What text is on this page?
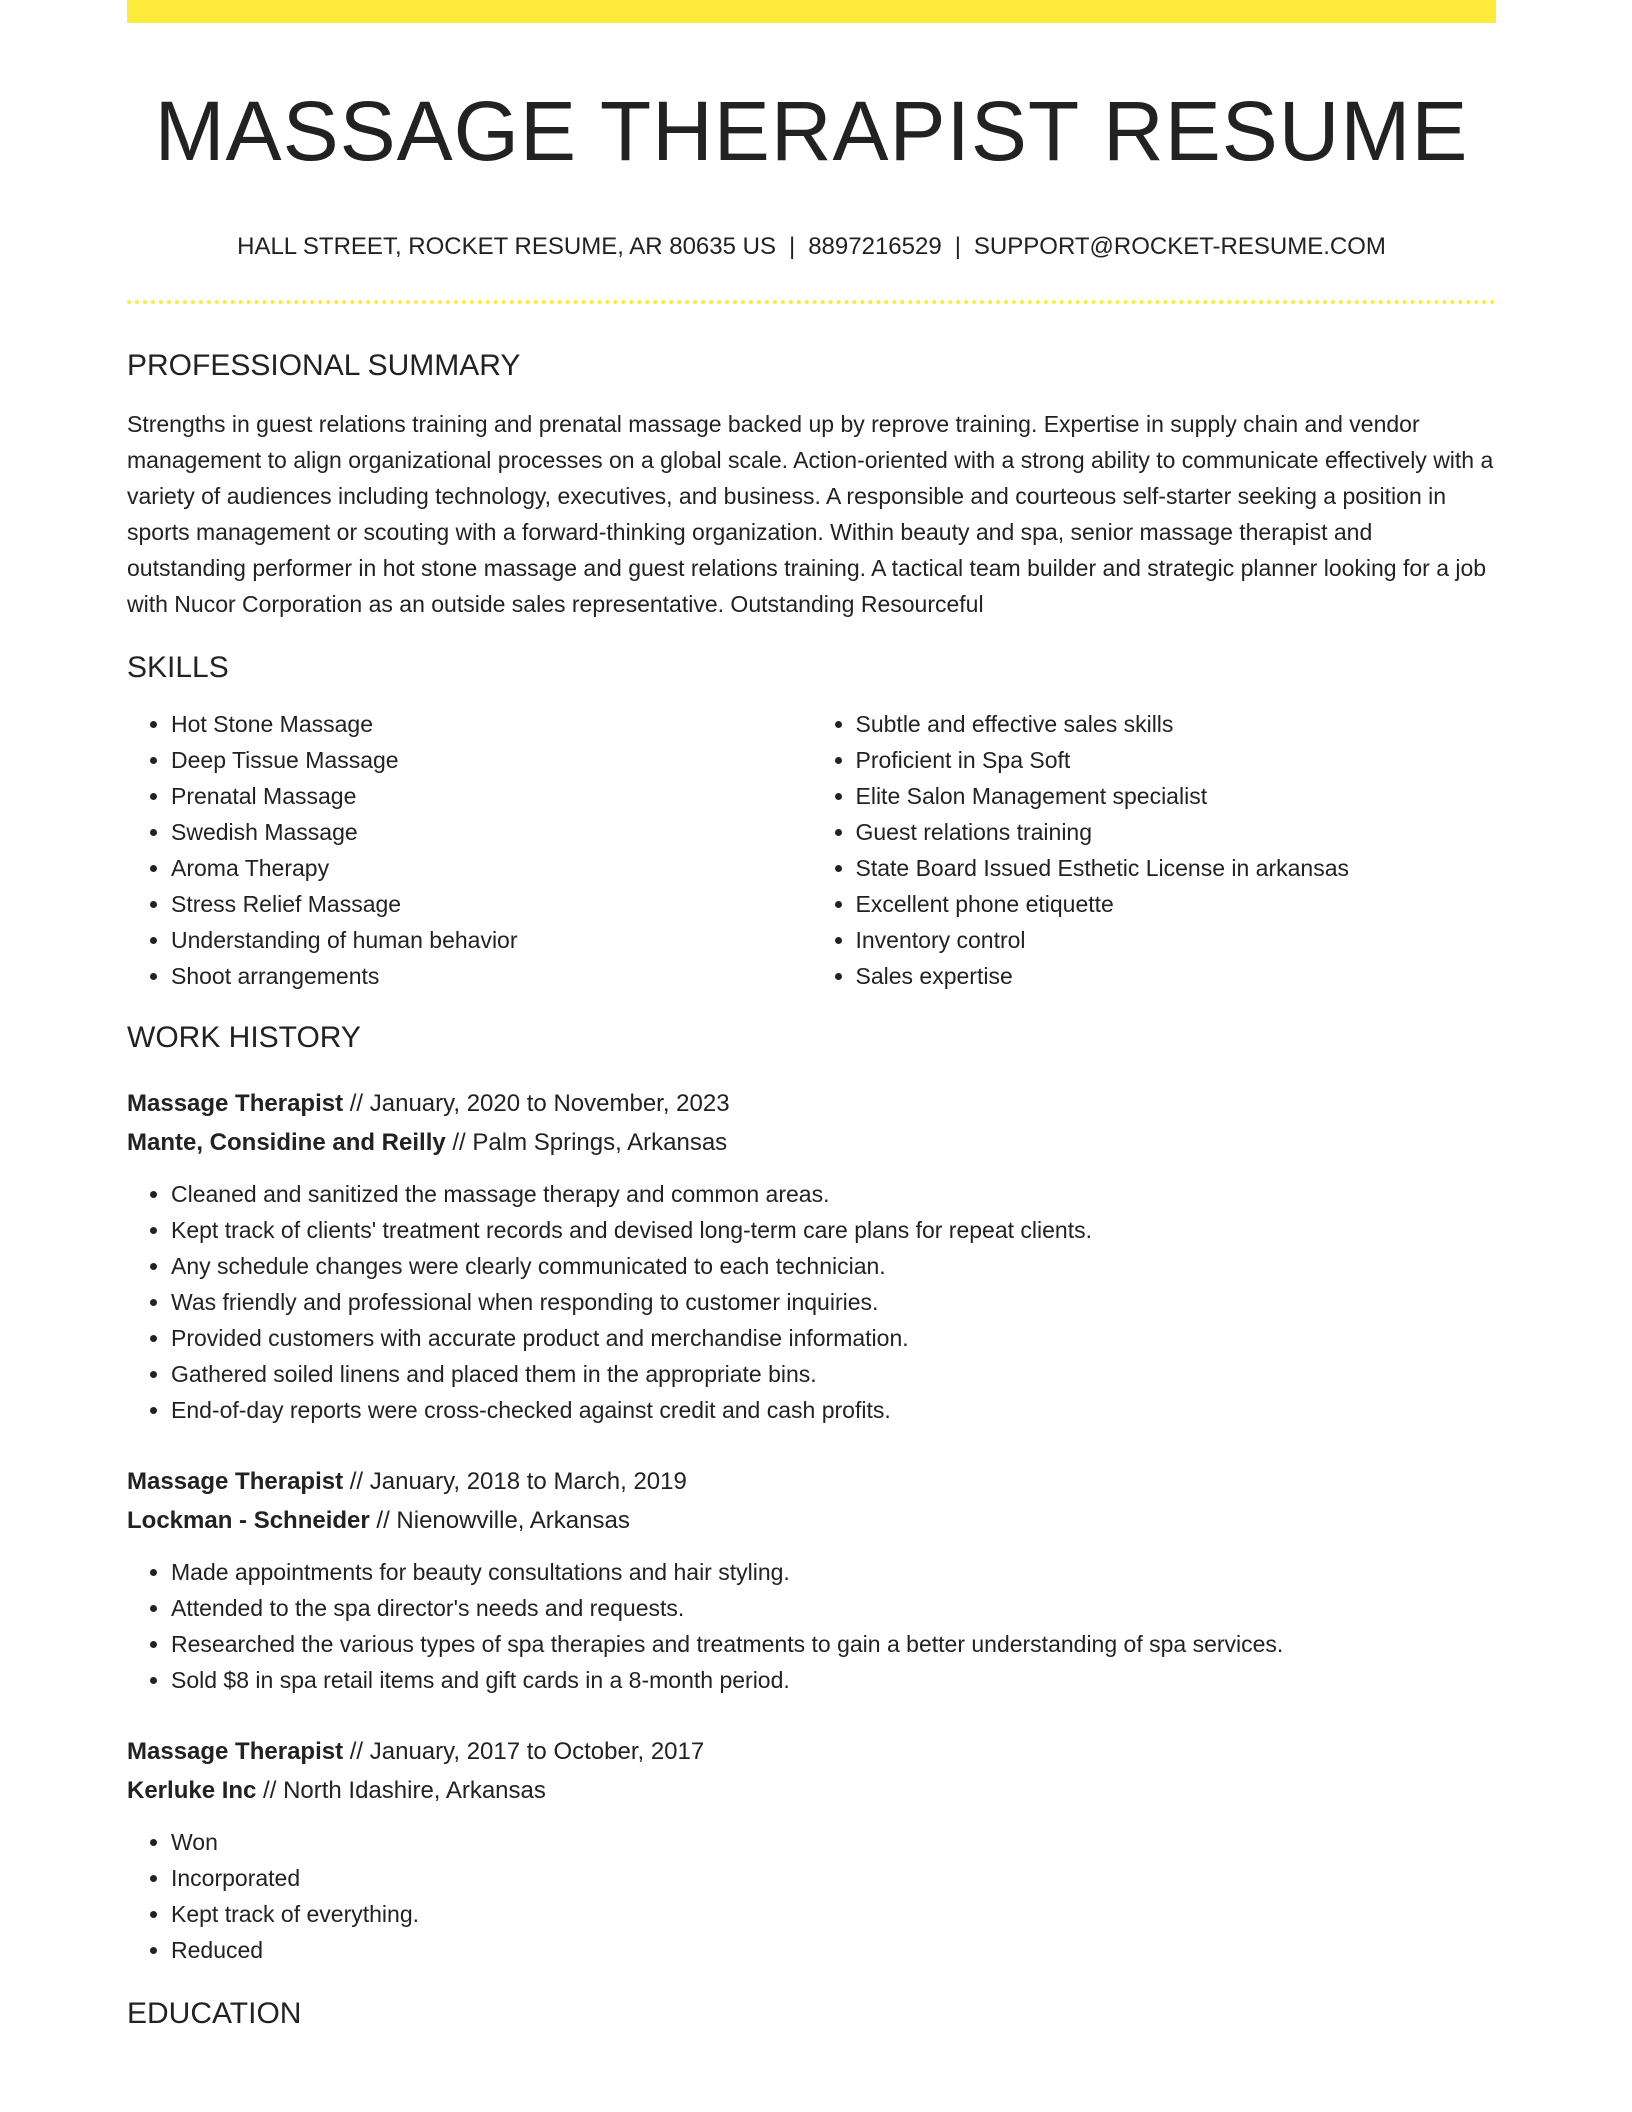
MASSAGE THERAPIST RESUME
HALL STREET, ROCKET RESUME, AR 80635 US | 8897216529 | SUPPORT@ROCKET-RESUME.COM
PROFESSIONAL SUMMARY

Strengths in guest relations training and prenatal massage backed up by reprove training. Expertise in supply chain and vendor management to align organizational processes on a global scale. Action-oriented with a strong ability to communicate effectively with a variety of audiences including technology, executives, and business. A responsible and courteous self-starter seeking a position in sports management or scouting with a forward-thinking organization. Within beauty and spa, senior massage therapist and outstanding performer in hot stone massage and guest relations training. A tactical team builder and strategic planner looking for a job with Nucor Corporation as an outside sales representative. Outstanding Resourceful

SKILLS
• Hot Stone Massage
• Deep Tissue Massage
• Prenatal Massage
• Swedish Massage
• Aroma Therapy
• Stress Relief Massage
• Understanding of human behavior
• Shoot arrangements
• Subtle and effective sales skills
• Proficient in Spa Soft
• Elite Salon Management specialist
• Guest relations training
• State Board Issued Esthetic License in arkansas
• Excellent phone etiquette
• Inventory control
• Sales expertise
WORK HISTORY
Massage Therapist // January, 2020 to November, 2023
Mante, Considine and Reilly // Palm Springs, Arkansas
• Cleaned and sanitized the massage therapy and common areas.
• Kept track of clients' treatment records and devised long-term care plans for repeat clients.
• Any schedule changes were clearly communicated to each technician.
• Was friendly and professional when responding to customer inquiries.
• Provided customers with accurate product and merchandise information.
• Gathered soiled linens and placed them in the appropriate bins.
• End-of-day reports were cross-checked against credit and cash profits.
Massage Therapist // January, 2018 to March, 2019
Lockman - Schneider // Nienowville, Arkansas
• Made appointments for beauty consultations and hair styling.
• Attended to the spa director's needs and requests.
• Researched the various types of spa therapies and treatments to gain a better understanding of spa services.
• Sold $8 in spa retail items and gift cards in a 8-month period.
Massage Therapist // January, 2017 to October, 2017
Kerluke Inc // North Idashire, Arkansas
• Won
• Incorporated
• Kept track of everything.
• Reduced
EDUCATION
